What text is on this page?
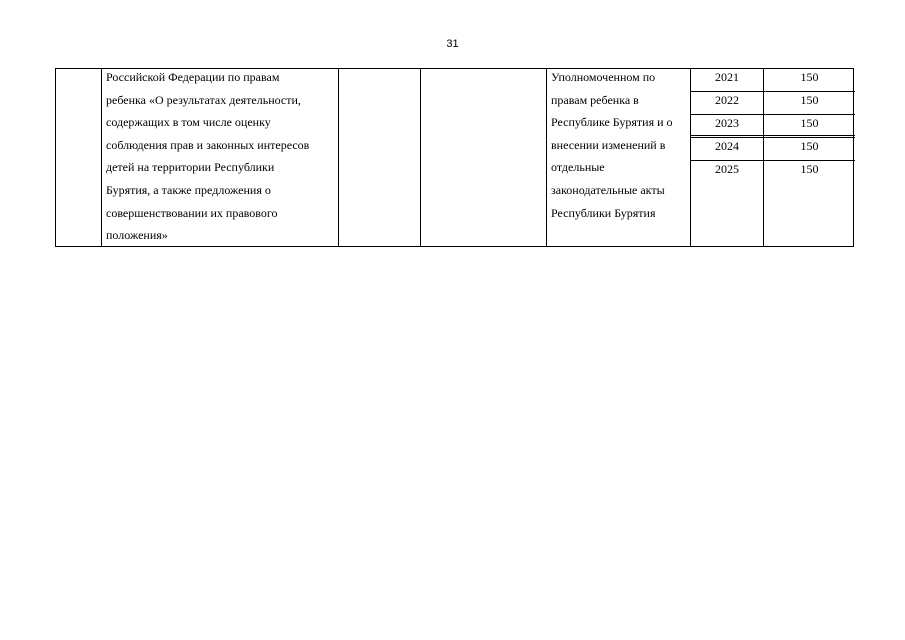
31
Российской Федерации по правам
ребенка «О результатах деятельности,
содержащих в том числе оценку
соблюдения прав и законных интересов
детей на территории Республики
Бурятия, а также предложения о
совершенствовании их правового
положения»
Уполномоченном по
правам ребенка в
Республике Бурятия и о
внесении изменений в
отдельные
законодательные акты
Республики Бурятия
2021
2022
2023
2024
2025
150
150
150
150
150
